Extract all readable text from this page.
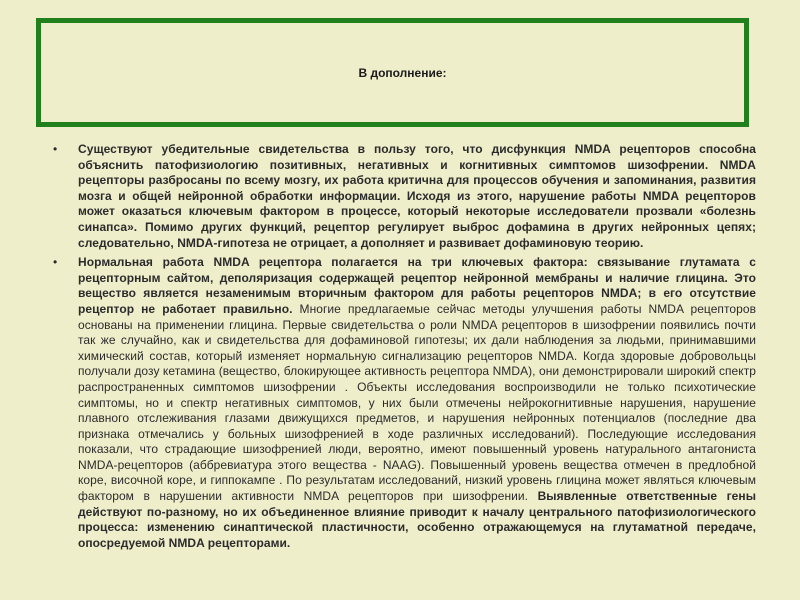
В дополнение:
• Существуют убедительные свидетельства в пользу того, что дисфункция NMDA рецепторов способна объяснить патофизиологию позитивных, негативных и когнитивных симптомов шизофрении. NMDA рецепторы разбросаны по всему мозгу, их работа критична для процессов обучения и запоминания, развития мозга и общей нейронной обработки информации. Исходя из этого, нарушение работы NMDA рецепторов может оказаться ключевым фактором в процессе, который некоторые исследователи прозвали «болезнь синапса». Помимо других функций, рецептор регулирует выброс дофамина в других нейронных цепях; следовательно, NMDA-гипотеза не отрицает, а дополняет и развивает дофаминовую теорию.
• Нормальная работа NMDA рецептора полагается на три ключевых фактора: связывание глутамата с рецепторным сайтом, деполяризация содержащей рецептор нейронной мембраны и наличие глицина. Это вещество является незаменимым вторичным фактором для работы рецепторов NMDA; в его отсутствие рецептор не работает правильно. Многие предлагаемые сейчас методы улучшения работы NMDA рецепторов основаны на применении глицина. Первые свидетельства о роли NMDA рецепторов в шизофрении появились почти так же случайно, как и свидетельства для дофаминовой гипотезы; их дали наблюдения за людьми, принимавшими химический состав, который изменяет нормальную сигнализацию рецепторов NMDA. Когда здоровые добровольцы получали дозу кетамина (вещество, блокирующее активность рецептора NMDA), они демонстрировали широкий спектр распространенных симптомов шизофрении . Объекты исследования воспроизводили не только психотические симптомы, но и спектр негативных симптомов, у них были отмечены нейрокогнитивные нарушения, нарушение плавного отслеживания глазами движущихся предметов, и нарушения нейронных потенциалов (последние два признака отмечались у больных шизофренией в ходе различных исследований). Последующие исследования показали, что страдающие шизофренией люди, вероятно, имеют повышенный уровень натурального антагониста NMDA-рецепторов (аббревиатура этого вещества - NAAG). Повышенный уровень вещества отмечен в предлобной коре, височной коре, и гиппокампе . По результатам исследований, низкий уровень глицина может являться ключевым фактором в нарушении активности NMDA рецепторов при шизофрении. Выявленные ответственные гены действуют по-разному, но их объединенное влияние приводит к началу центрального патофизиологического процесса: изменению синаптической пластичности, особенно отражающемуся на глутаматной передаче, опосредуемой NMDA рецепторами.
